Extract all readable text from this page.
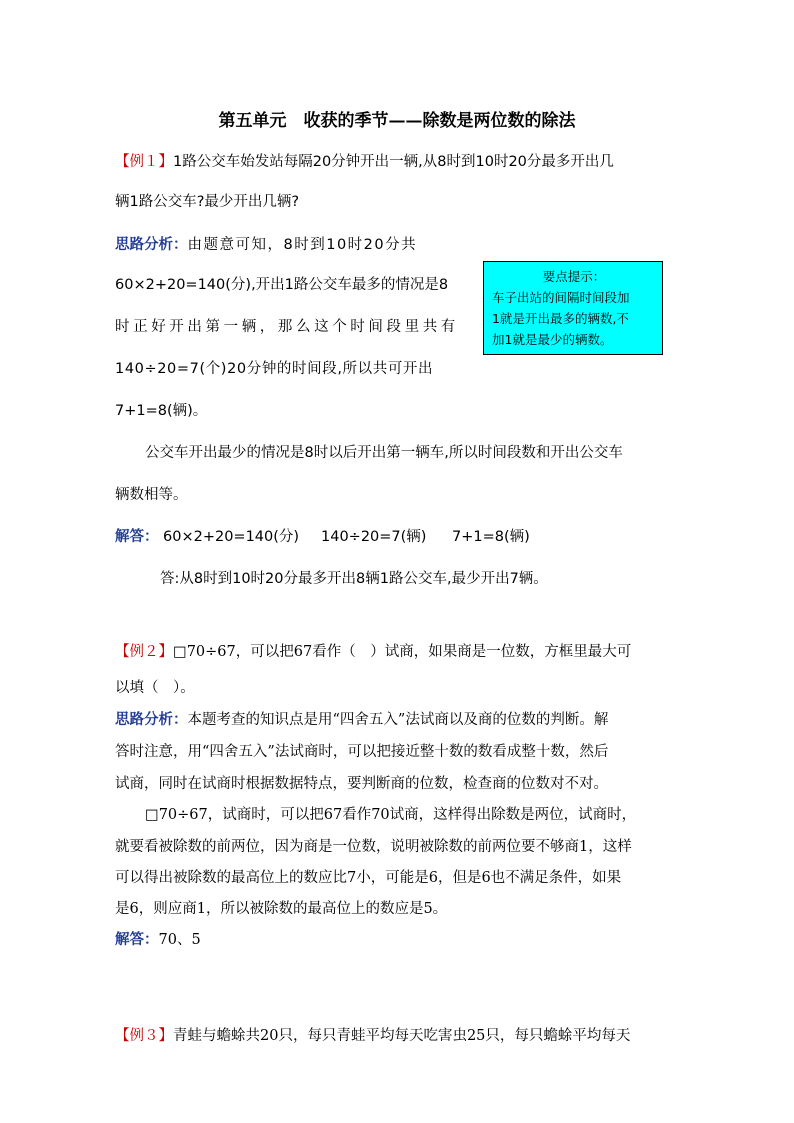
第五单元　收获的季节——除数是两位数的除法
【例１】1路公交车始发站每隔20分钟开出一辆,从8时到10时20分最多开出几
辆1路公交车?最少开出几辆?
思路分析：由题意可知，8时到10时20分共
60×2+20=140(分),开出1路公交车最多的情况是8
时正好开出第一辆，那么这个时间段里共有
140÷20=7(个)20分钟的时间段,所以共可开出
7+1=8(辆)。
要点提示：
车子出站的间隔时间段加
1就是开出最多的辆数,不
加1就是最少的辆数。
公交车开出最少的情况是8时以后开出第一辆车,所以时间段数和开出公交车
辆数相等。
解答： 60×2+20=140(分) 140÷20=7(辆) 7+1=8(辆)
答:从8时到10时20分最多开出8辆1路公交车,最少开出7辆。
【例２】□70÷67，可以把67看作（　）试商，如果商是一位数，方框里最大可
以填（　）。
思路分析：本题考查的知识点是用“四舍五入”法试商以及商的位数的判断。解
答时注意，用“四舍五入”法试商时，可以把接近整十数的数看成整十数，然后
试商，同时在试商时根据数据特点，要判断商的位数，检查商的位数对不对。
□70÷67，试商时，可以把67看作70试商，这样得出除数是两位，试商时，
就要看被除数的前两位，因为商是一位数，说明被除数的前两位要不够商1，这样
可以得出被除数的最高位上的数应比7小，可能是6，但是6也不满足条件，如果
是6，则应商1，所以被除数的最高位上的数应是5。
解答：70、5
【例３】青蛙与蟾蜍共20只，每只青蛙平均每天吃害虫25只，每只蟾蜍平均每天
